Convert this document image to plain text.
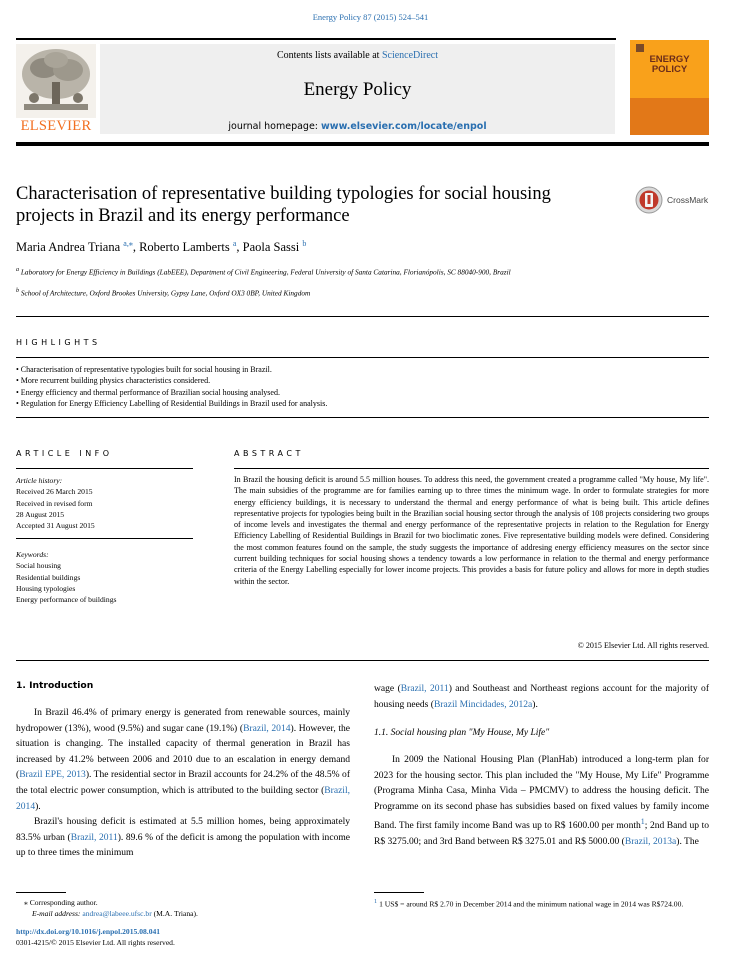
Energy Policy 87 (2015) 524–541
ELSEVIER
Contents lists available at ScienceDirect
Energy Policy
journal homepage: www.elsevier.com/locate/enpol
ENERGY
POLICY
Characterisation of representative building typologies for social housing projects in Brazil and its energy performance
CrossMark
Maria Andrea Triana $^{a,⁎}$, Roberto Lamberts $^a$, Paola Sassi $^b$
$^a$ Laboratory for Energy Efficiency in Buildings (LabEEE), Department of Civil Engineering, Federal University of Santa Catarina, Florianópolis, SC 88040-900, Brazil
$^b$ School of Architecture, Oxford Brookes University, Gypsy Lane, Oxford OX3 0BP, United Kingdom
HIGHLIGHTS
• Characterisation of representative typologies built for social housing in Brazil.
• More recurrent building physics characteristics considered.
• Energy efficiency and thermal performance of Brazilian social housing analysed.
• Regulation for Energy Efficiency Labelling of Residential Buildings in Brazil used for analysis.
ARTICLE INFO
Article history:
Received 26 March 2015
Received in revised form
28 August 2015
Accepted 31 August 2015
Keywords:
Social housing
Residential buildings
Housing typologies
Energy performance of buildings
ABSTRACT
In Brazil the housing deficit is around 5.5 million houses. To address this need, the government created a programme called "My house, My life". The main subsidies of the programme are for families earning up to three times the minimum wage. In order to formulate strategies for more energy efficiency buildings, it is necessary to understand the thermal and energy performance of what is being built. This article defines representative projects for typologies being built in the Brazilian social housing sector through the analysis of 108 projects considering two groups of income levels and investigates the thermal and energy performance of the representative projects in relation to the Regulation for Energy Efficiency Labelling of Residential Buildings in Brazil for two bioclimatic zones. Five representative building models were defined. Considering the most common features found on the sample, the study suggests the importance of addresing energy efficiency measures on the sector since current building techniques for social housing shows a tendency towards a low performance in relation to the thermal and energy performance criteria of the Energy Labelling especially for lower income projects. This provides a basis for future policy and allows for more in depth studies within the sector.
© 2015 Elsevier Ltd. All rights reserved.
1. Introduction

In Brazil 46.4% of primary energy is generated from renewable sources, mainly hydropower (13%), wood (9.5%) and sugar cane (19.1%) (Brazil, 2014). However, the situation is changing. The installed capacity of thermal generation in Brazil has increased by 41.2% between 2006 and 2010 due to an escalation in energy demand (Brazil EPE, 2013). The residential sector in Brazil accounts for 24.2% of the 48.5% of the total electric power consumption, which is attributed to the building sector (Brazil, 2014).

Brazil's housing deficit is estimated at 5.5 million homes, being approximately 83.5% urban (Brazil, 2011). 89.6 % of the deficit is among the population with income up to three times the minimum

wage (Brazil, 2011) and Southeast and Northeast regions account for the majority of housing needs (Brazil Mincidades, 2012a).

1.1. Social housing plan "My House, My Life"

In 2009 the National Housing Plan (PlanHab) introduced a long-term plan for 2023 for the housing sector. This plan included the "My House, My Life" Programme (Programa Minha Casa, Minha Vida – PMCMV) to address the housing deficit. The Programme on its second phase has subsidies based on fixed values by family income Band. The first family income Band was up to R$ 1600.00 per month$^1$; 2nd Band up to R$ 3275.00; and 3rd Band between R$ 3275.01 and R$ 5000.00 (Brazil, 2013a). The

⁎ Corresponding author.
E-mail address: andrea@labeee.ufsc.br (M.A. Triana).
$^1$ 1 US$ = around R$ 2.70 in December 2014 and the minimum national wage in 2014 was R$724.00.
http://dx.doi.org/10.1016/j.enpol.2015.08.041
0301-4215/© 2015 Elsevier Ltd. All rights reserved.
